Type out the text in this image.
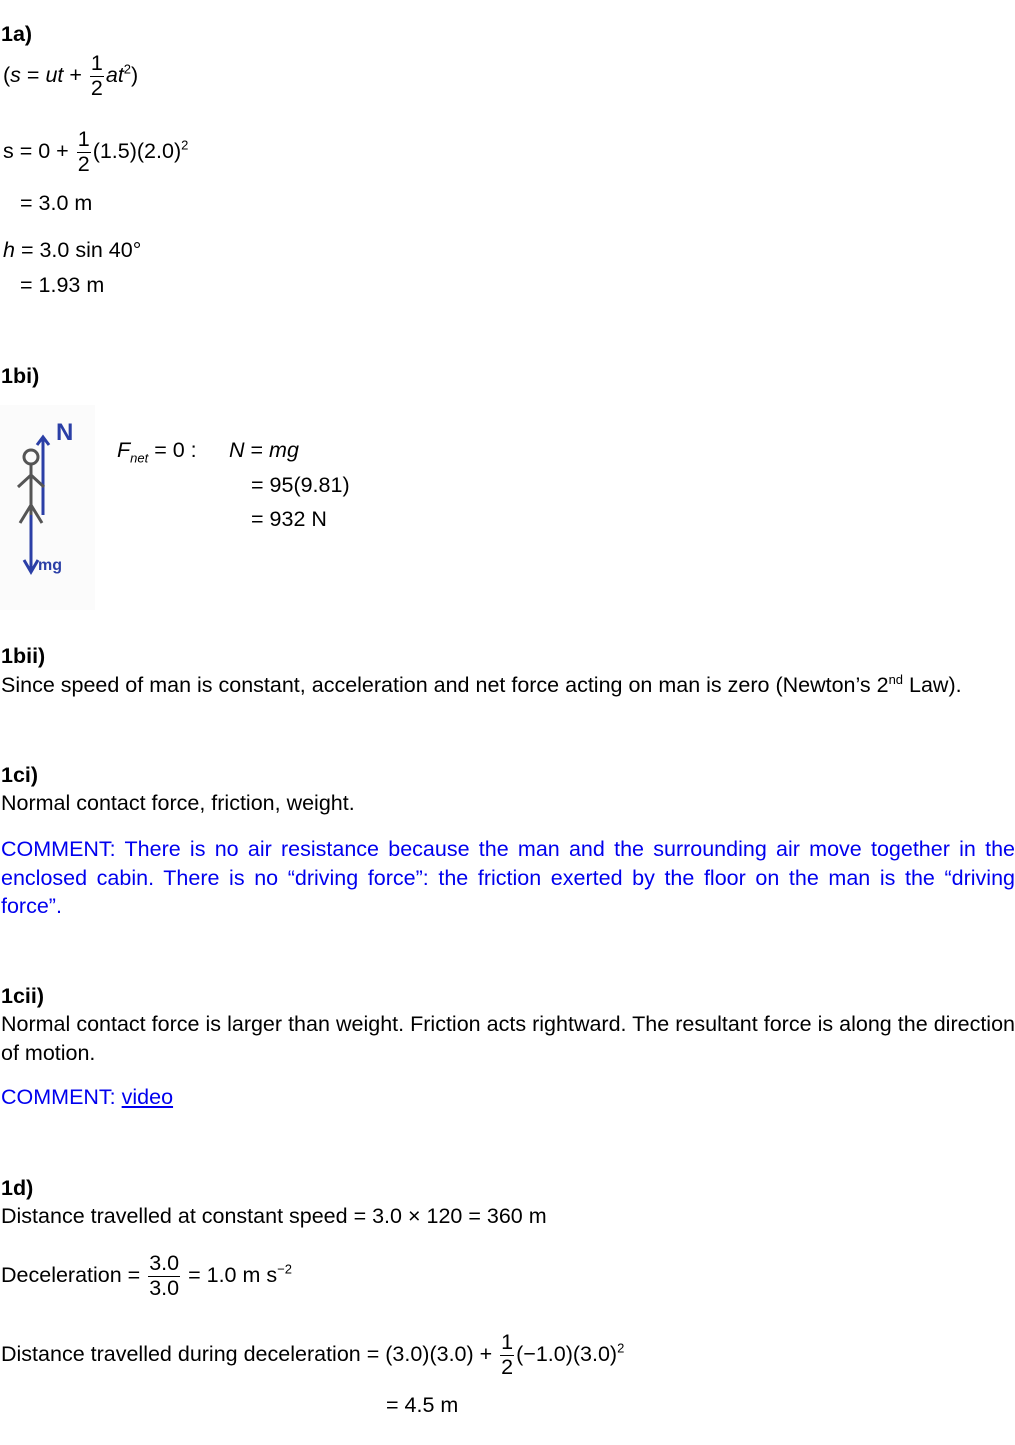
1a)
(s = ut + $\frac{1}{2} at^2$)
$s = 0 + \frac{1}{2} (1.5)(2.0)^2$
= 3.0 m
h = 3.0 sin 40°
= 1.93 m
1bi)
N
mg
$F_{net} = 0$ : N = mg
= 95(9.81)
= 932 N
1bii)
Since speed of man is constant, acceleration and net force acting on man is zero (Newton’s 2nd Law).
1ci)
Normal contact force, friction, weight.
COMMENT: There is no air resistance because the man and the surrounding air move together in the enclosed cabin. There is no “driving force”: the friction exerted by the floor on the man is the “driving force”.
1cii)
Normal contact force is larger than weight. Friction acts rightward. The resultant force is along the direction of motion.
COMMENT: video
1d)
Distance travelled at constant speed = 3.0 × 120 = 360 m
Deceleration = $\frac{3.0}{3.0} = 1.0$ m $s^{-2}$
Distance travelled during deceleration = $(3.0)(3.0) + \frac{1}{2} (-1.0)(3.0)^2$
= 4.5 m
